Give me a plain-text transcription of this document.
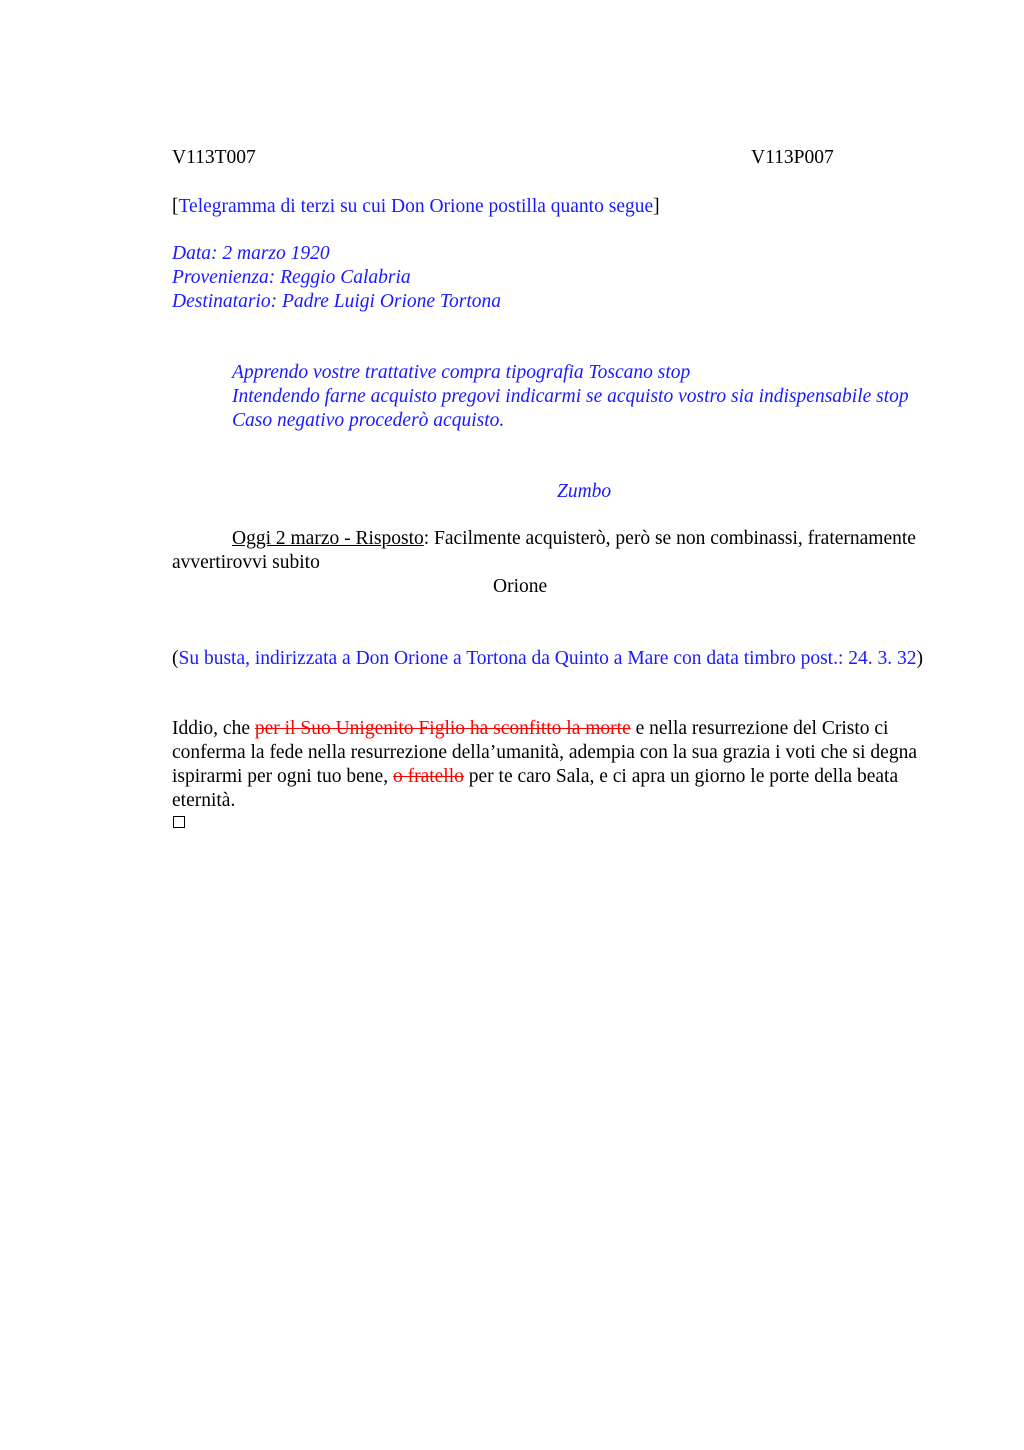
V113T007	V113P007
[Telegramma di terzi su cui Don Orione postilla quanto segue]
Data: 2 marzo 1920
Provenienza: Reggio Calabria
Destinatario: Padre Luigi Orione Tortona
Apprendo vostre trattative compra tipografia Toscano stop
Intendendo farne acquisto pregovi indicarmi se acquisto vostro sia indispensabile stop
Caso negativo procederò acquisto.
Zumbo
Oggi 2 marzo - Risposto: Facilmente acquisterò, però se non combinassi, fraternamente avvertirovvi subito
Orione
(Su busta, indirizzata a Don Orione a Tortona da Quinto a Mare con data timbro post.: 24. 3. 32)
Iddio, che per il Suo Unigenito Figlio ha sconfitto la morte e nella resurrezione del Cristo ci conferma la fede nella resurrezione della’umanità, adempia con la sua grazia i voti che si degna ispirarmi per ogni tuo bene, o fratello per te caro Sala, e ci apra un giorno le porte della beata eternità.
